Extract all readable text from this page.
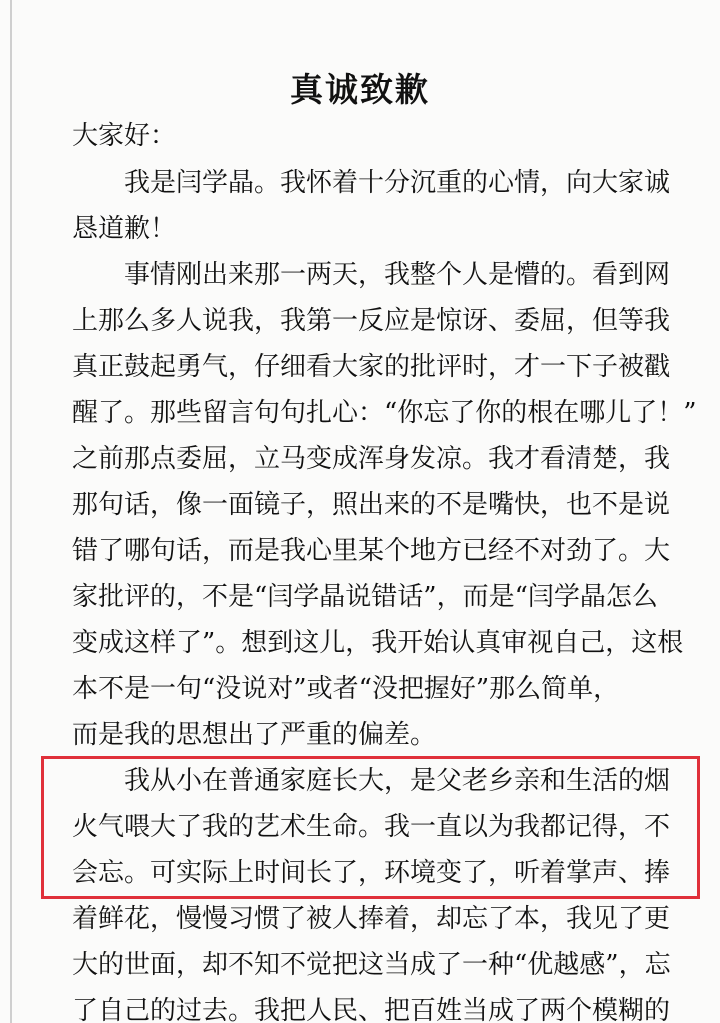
真诚致歉
大家好：
　　我是闫学晶。我怀着十分沉重的心情，向大家诚
恳道歉！
　　事情刚出来那一两天，我整个人是懵的。看到网
上那么多人说我，我第一反应是惊讶、委屈，但等我
真正鼓起勇气，仔细看大家的批评时，才一下子被戳
醒了。那些留言句句扎心：“你忘了你的根在哪儿了！”
之前那点委屈，立马变成浑身发凉。我才看清楚，我
那句话，像一面镜子，照出来的不是嘴快，也不是说
错了哪句话，而是我心里某个地方已经不对劲了。大
家批评的，不是“闫学晶说错话”，而是“闫学晶怎么
变成这样了”。想到这儿，我开始认真审视自己，这根
本不是一句“没说对”或者“没把握好”那么简单，
而是我的思想出了严重的偏差。
　　我从小在普通家庭长大，是父老乡亲和生活的烟
火气喂大了我的艺术生命。我一直以为我都记得，不
会忘。可实际上时间长了，环境变了，听着掌声、捧
着鲜花，慢慢习惯了被人捧着，却忘了本，我见了更
大的世面，却不知不觉把这当成了一种“优越感”，忘
了自己的过去。我把人民、把百姓当成了两个模糊的
